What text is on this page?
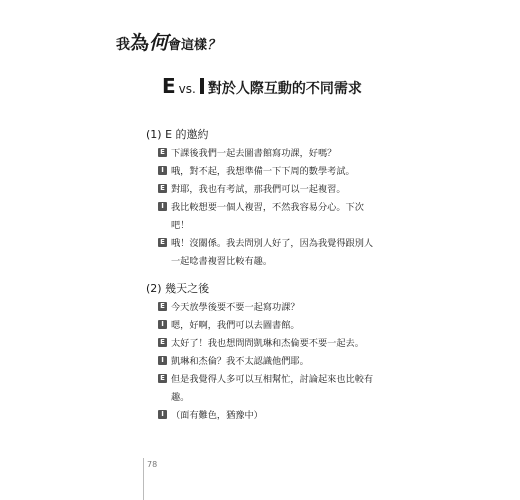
我為何會這樣？
E vs. 對於人際互動的不同需求
(1) E 的邀約
E 下課後我們一起去圖書館寫功課，好嗎？
I 哦，對不起，我想準備一下下周的數學考試。
E 對耶，我也有考試，那我們可以一起複習。
I 我比較想要一個人複習，不然我容易分心。下次
吧！
E 哦！沒關係。我去問別人好了，因為我覺得跟別人
一起唸書複習比較有趣。
(2) 幾天之後
E 今天放學後要不要一起寫功課？
I 嗯，好啊，我們可以去圖書館。
E 太好了！我也想問問凱琳和杰倫要不要一起去。
I 凱琳和杰倫？我不太認識他們耶。
E 但是我覺得人多可以互相幫忙，討論起來也比較有
趣。
I （面有難色，猶豫中）
78
